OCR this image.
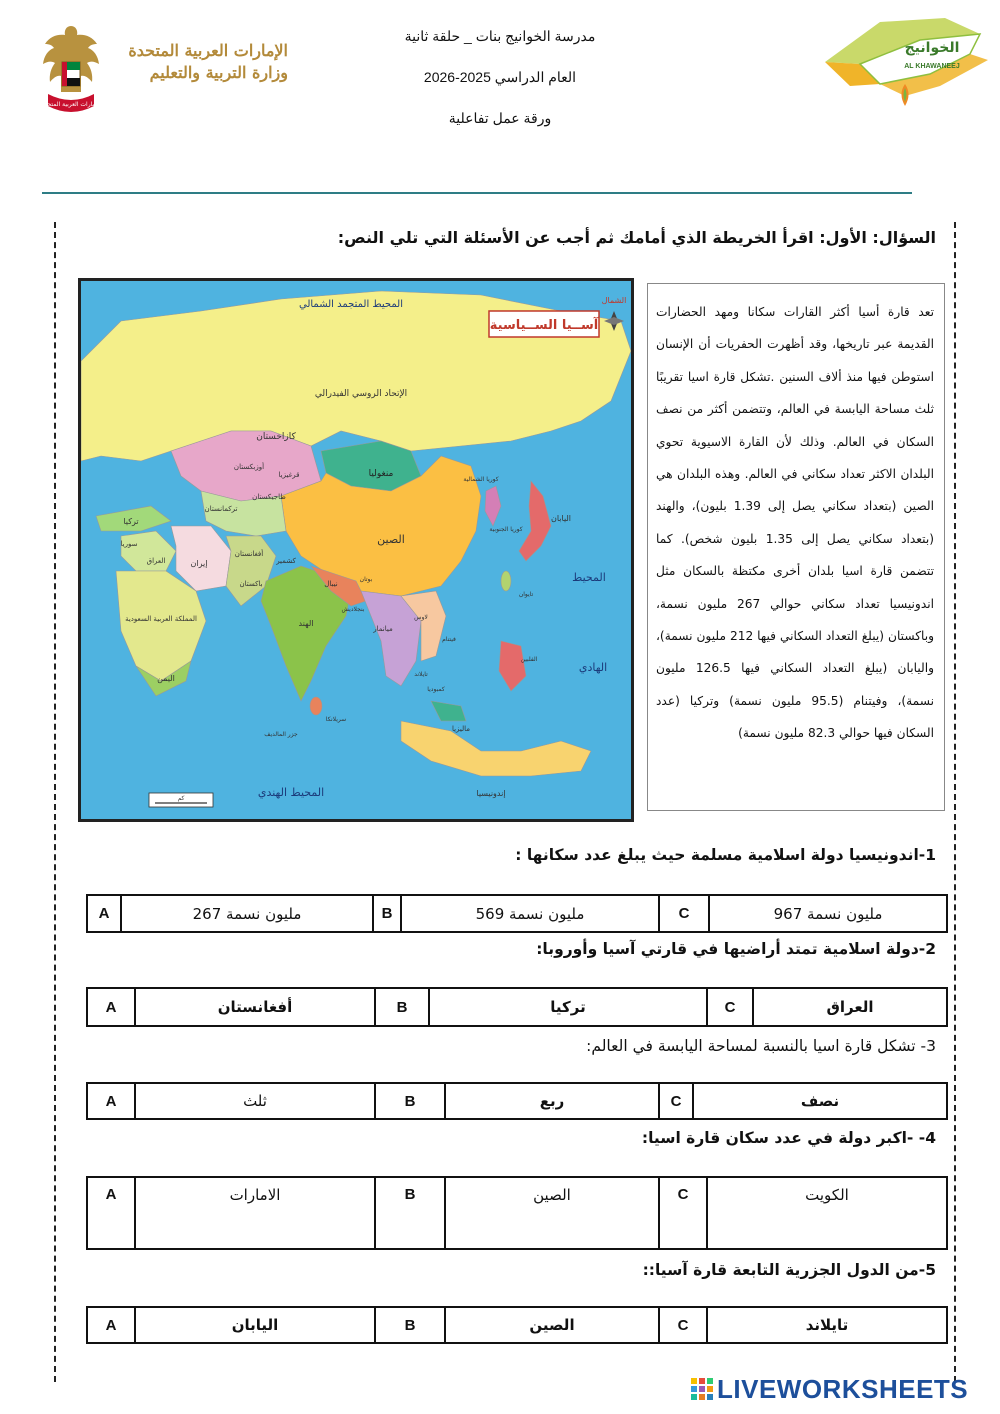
الإمارات العربية المتحدة
الإمارات العربية المتحدة
وزارة التربية والتعليم
مدرسة الخوانيج بنات _ حلقة ثانية
العام الدراسي 2025-2026
ورقة عمل تفاعلية
الخوانيج
AL KHAWANEEJ
السؤال: الأول: اقرأ الخريطة الذي أمامك ثم أجب عن الأسئلة التي تلي النص:
آســيا الســياسية
الشمال
المحيط المتجمد الشمالي
الإتحاد الروسي الفيدرالي
كازاخستان
منغوليا
الصين
أوزبكستان
قرغيزيا
طاجيكستان
تركمانستان
تركيا
سوريا
العراق	إيران
أفغانستان
باكستان
كشمير
نيبال
بوتان
الهند
بنجلاديش
ميانمار
المملكة العربية السعودية
اليمن
كوريا الشمالية
كوريا الجنوبية
اليابان
تايوان
المحيط
الهادي
المحيط الهندي
تايلاند
كمبوديا
فيتنام
لاوس
الفلبين
ماليزيا
إندونيسيا
سريلانكا
جزر المالديف
كم
تعد قارة أسيا أكثر القارات سكانا ومهد الحضارات القديمة عبر تاريخها، وقد أظهرت الحفريات أن الإنسان استوطن فيها منذ ألاف السنين .تشكل قارة اسيا تقريبًا ثلث مساحة اليابسة في العالم، وتتضمن أكثر من نصف السكان في العالم. وذلك لأن القارة الاسيوية تحوي البلدان الاكثر تعداد سكاني في العالم. وهذه البلدان هي الصين (بتعداد سكاني يصل إلى 1.39 بليون)، والهند (بتعداد سكاني يصل إلى 1.35 بليون شخص). كما تتضمن قارة اسيا بلدان أخرى مكتظة بالسكان مثل اندونيسيا تعداد سكاني حوالي 267 مليون نسمة، وباكستان (يبلغ التعداد السكاني فيها 212 مليون نسمة)، واليابان (يبلغ التعداد السكاني فيها 126.5 مليون نسمة)، وفيتنام (95.5 مليون نسمة) وتركيا (عدد السكان فيها حوالي 82.3 مليون نسمة)
1-اندونيسيا دولة اسلامية مسلمة حيث يبلغ عدد سكانها :
A	267 مليون نسمة	B	569 مليون نسمة	C	967 مليون نسمة
2-دولة اسلامية تمتد أراضيها في قارتي آسيا وأوروبا:
A	أفغانستان	B	تركيا	C	العراق
3- تشكل قارة اسيا بالنسبة لمساحة اليابسة في العالم:
A	ثلث	B	ربع	C	نصف
4- -اكبر دولة في عدد سكان قارة اسيا:
A	الامارات	B	الصين	C	الكويت
5-من الدول الجزرية التابعة قارة آسيا::
A	اليابان	B	الصين	C	تايلاند
LIVEWORKSHEETS
